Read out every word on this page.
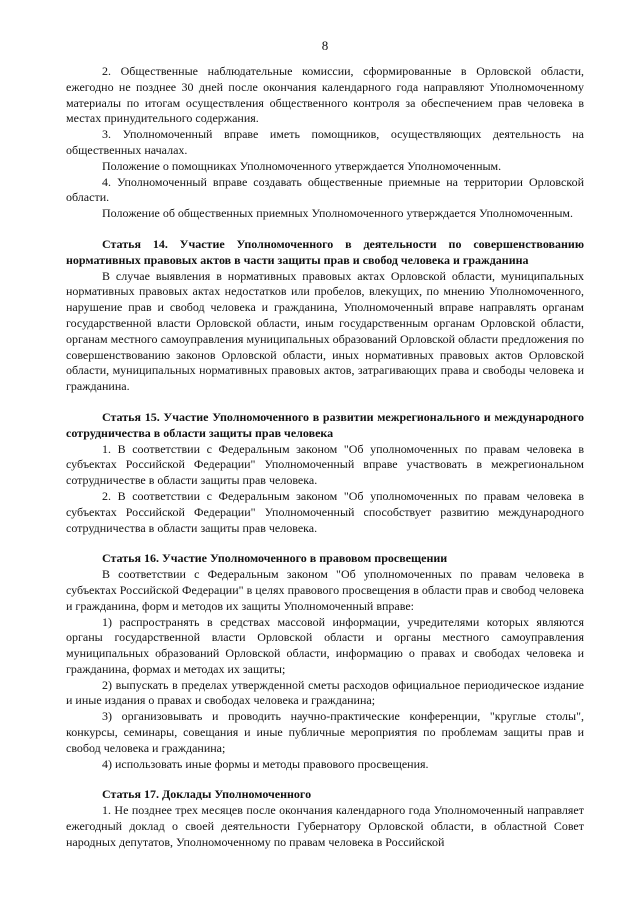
8

2. Общественные наблюдательные комиссии, сформированные в Орловской области, ежегодно не позднее 30 дней после окончания календарного года направляют Уполномоченному материалы по итогам осуществления общественного контроля за обеспечением прав человека в местах принудительного содержания.

3. Уполномоченный вправе иметь помощников, осуществляющих деятельность на общественных началах.

Положение о помощниках Уполномоченного утверждается Уполномоченным.

4. Уполномоченный вправе создавать общественные приемные на территории Орловской области.

Положение об общественных приемных Уполномоченного утверждается Уполномоченным.

Статья 14. Участие Уполномоченного в деятельности по совершенствованию нормативных правовых актов в части защиты прав и свобод человека и гражданина

В случае выявления в нормативных правовых актах Орловской области, муниципальных нормативных правовых актах недостатков или пробелов, влекущих, по мнению Уполномоченного, нарушение прав и свобод человека и гражданина, Уполномоченный вправе направлять органам государственной власти Орловской области, иным государственным органам Орловской области, органам местного самоуправления муниципальных образований Орловской области предложения по совершенствованию законов Орловской области, иных нормативных правовых актов Орловской области, муниципальных нормативных правовых актов, затрагивающих права и свободы человека и гражданина.

Статья 15. Участие Уполномоченного в развитии межрегионального и международного сотрудничества в области защиты прав человека

1. В соответствии с Федеральным законом "Об уполномоченных по правам человека в субъектах Российской Федерации" Уполномоченный вправе участвовать в межрегиональном сотрудничестве в области защиты прав человека.

2. В соответствии с Федеральным законом "Об уполномоченных по правам человека в субъектах Российской Федерации" Уполномоченный способствует развитию международного сотрудничества в области защиты прав человека.

Статья 16. Участие Уполномоченного в правовом просвещении

В соответствии с Федеральным законом "Об уполномоченных по правам человека в субъектах Российской Федерации" в целях правового просвещения в области прав и свобод человека и гражданина, форм и методов их защиты Уполномоченный вправе:

1) распространять в средствах массовой информации, учредителями которых являются органы государственной власти Орловской области и органы местного самоуправления муниципальных образований Орловской области, информацию о правах и свободах человека и гражданина, формах и методах их защиты;

2) выпускать в пределах утвержденной сметы расходов официальное периодическое издание и иные издания о правах и свободах человека и гражданина;

3) организовывать и проводить научно-практические конференции, "круглые столы", конкурсы, семинары, совещания и иные публичные мероприятия по проблемам защиты прав и свобод человека и гражданина;

4) использовать иные формы и методы правового просвещения.

Статья 17. Доклады Уполномоченного

1. Не позднее трех месяцев после окончания календарного года Уполномоченный направляет ежегодный доклад о своей деятельности Губернатору Орловской области, в областной Совет народных депутатов, Уполномоченному по правам человека в Российской
